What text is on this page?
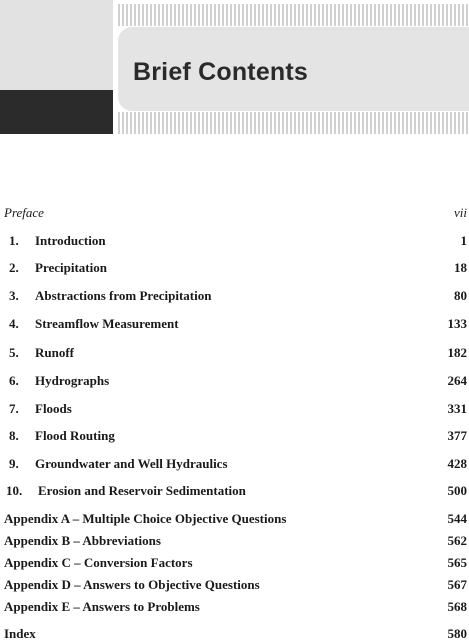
Brief Contents
Preface	vii
1.	Introduction	1
2.	Precipitation	18
3.	Abstractions from Precipitation	80
4.	Streamflow Measurement	133
5.	Runoff	182
6.	Hydrographs	264
7.	Floods	331
8.	Flood Routing	377
9.	Groundwater and Well Hydraulics	428
10. Erosion and Reservoir Sedimentation	500
Appendix A – Multiple Choice Objective Questions	544
Appendix B – Abbreviations	562
Appendix C – Conversion Factors	565
Appendix D – Answers to Objective Questions	567
Appendix E – Answers to Problems	568
Index	580
